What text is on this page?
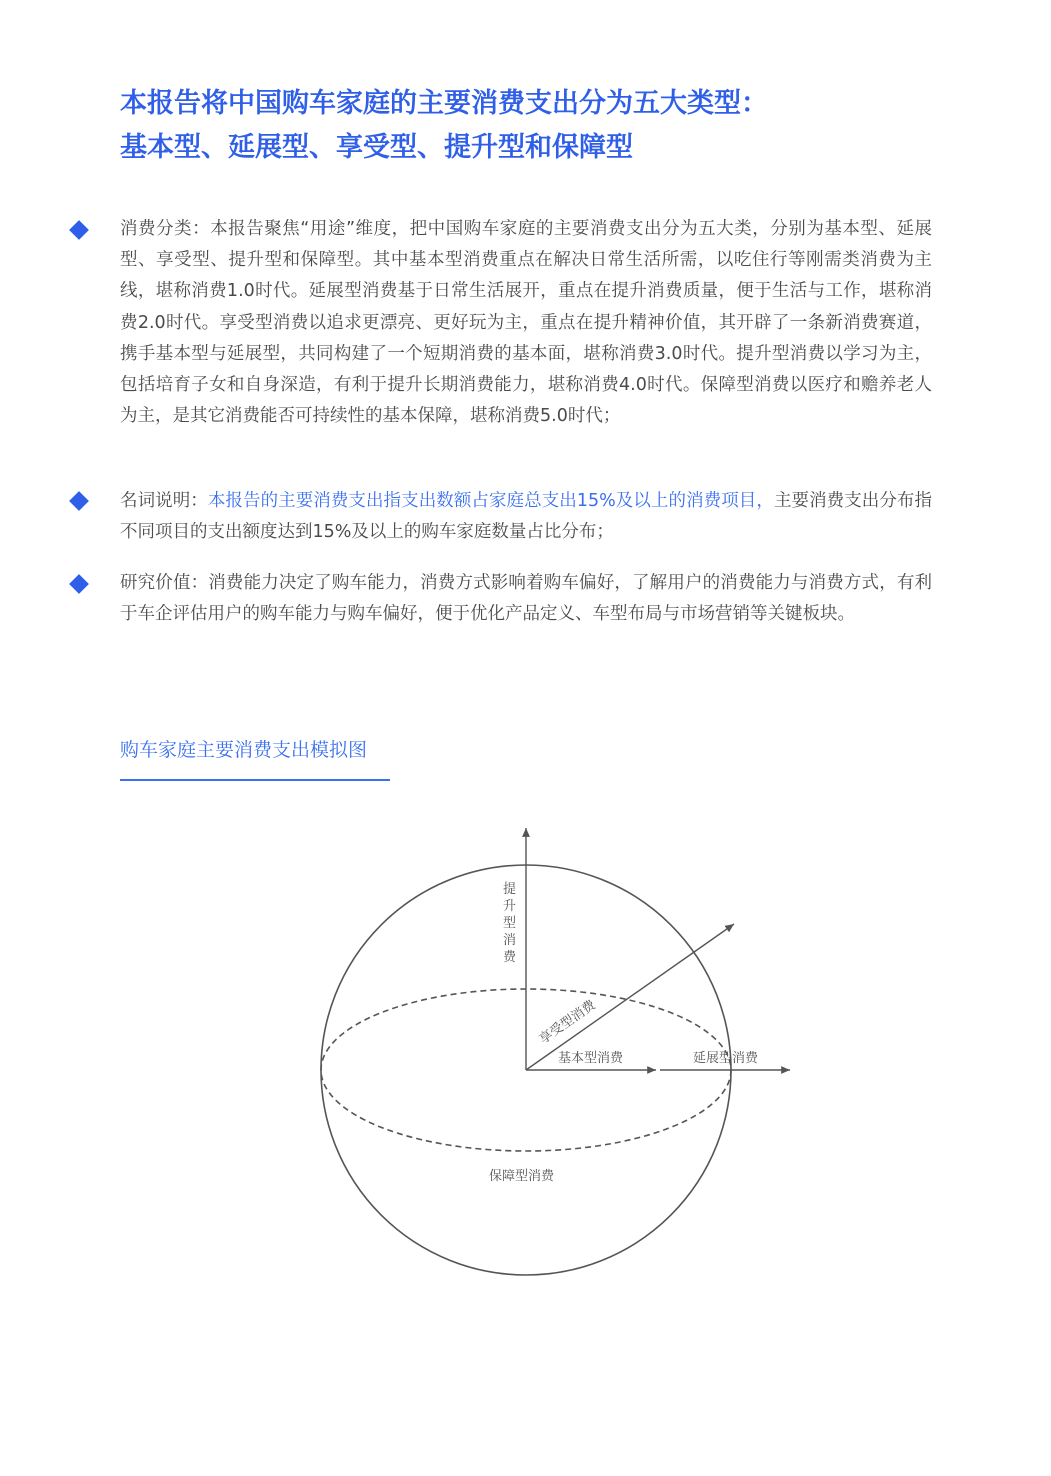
本报告将中国购车家庭的主要消费支出分为五大类型：
基本型、延展型、享受型、提升型和保障型
消费分类：本报告聚焦“用途”维度，把中国购车家庭的主要消费支出分为五大类，分别为基本型、延展型、享受型、提升型和保障型。其中基本型消费重点在解决日常生活所需，以吃住行等刚需类消费为主线，堪称消费1.0时代。延展型消费基于日常生活展开，重点在提升消费质量，便于生活与工作，堪称消费2.0时代。享受型消费以追求更漂亮、更好玩为主，重点在提升精神价值，其开辟了一条新消费赛道，携手基本型与延展型，共同构建了一个短期消费的基本面，堪称消费3.0时代。提升型消费以学习为主，包括培育子女和自身深造，有利于提升长期消费能力，堪称消费4.0时代。保障型消费以医疗和赡养老人为主，是其它消费能否可持续性的基本保障，堪称消费5.0时代；
名词说明：本报告的主要消费支出指支出数额占家庭总支出15%及以上的消费项目，主要消费支出分布指不同项目的支出额度达到15%及以上的购车家庭数量占比分布；
研究价值：消费能力决定了购车能力，消费方式影响着购车偏好，了解用户的消费能力与消费方式，有利于车企评估用户的购车能力与购车偏好，便于优化产品定义、车型布局与市场营销等关键板块。
购车家庭主要消费支出模拟图
提升型消费
享受型消费
基本型消费	延展型消费
保障型消费
